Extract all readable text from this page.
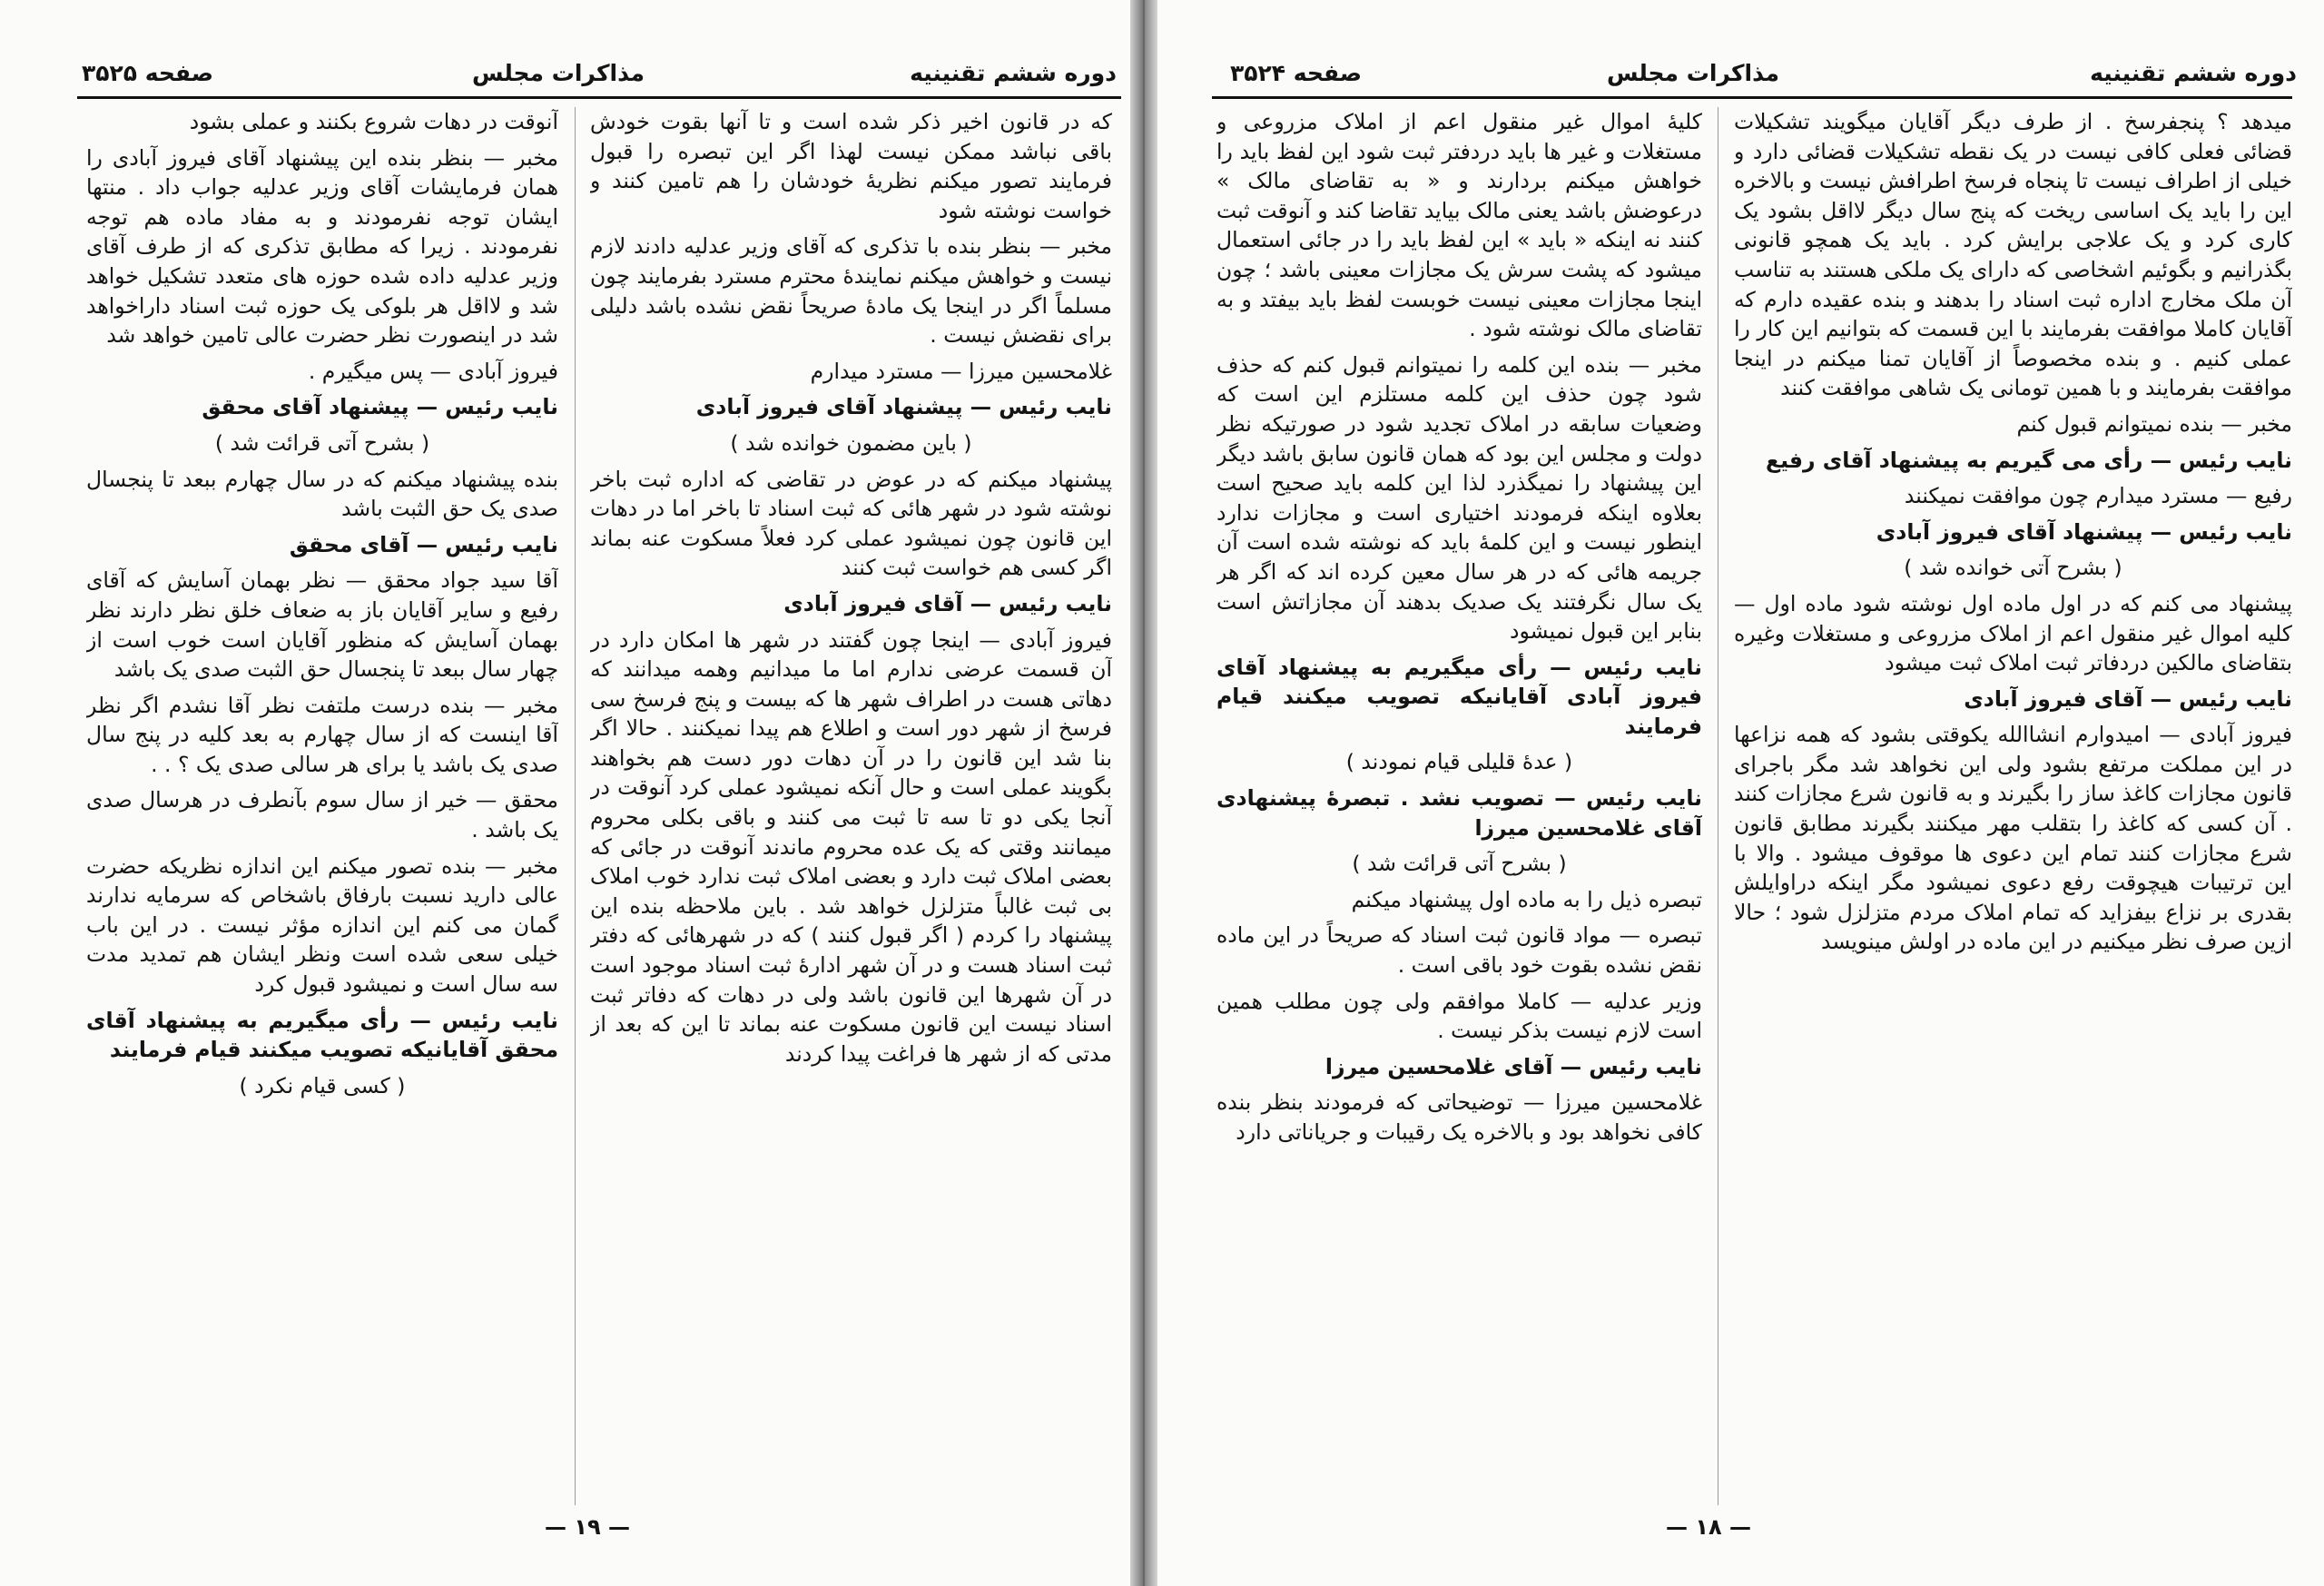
دوره ششم تقنینیه
مذاکرات مجلس
صفحه ۳۵۲۵

که در قانون اخیر ذکر شده است و تا آنها بقوت خودش باقی نباشد ممکن نیست لهذا اگر این تبصره را قبول فرمایند تصور میکنم نظریهٔ خودشان را هم تامین کنند و خواست نوشته شود

مخبر — بنظر بنده با تذکری که آقای وزیر عدلیه دادند لازم نیست و خواهش میکنم نمایندهٔ محترم مسترد بفرمایند چون مسلماً اگر در اینجا یک مادهٔ صریحاً نقض نشده باشد دلیلی برای نقضش نیست .

غلامحسین میرزا — مسترد میدارم

نایب رئیس — پیشنهاد آقای فیروز آبادی

( باین مضمون خوانده شد )

پیشنهاد میکنم که در عوض در تقاضی که اداره ثبت باخر نوشته شود در شهر هائی که ثبت اسناد تا باخر اما در دهات این قانون چون نمیشود عملی کرد فعلاً مسکوت عنه بماند اگر کسی هم خواست ثبت کنند

نایب رئیس — آقای فیروز آبادی

فیروز آبادی — اینجا چون گفتند در شهر ها امکان دارد در آن قسمت عرضی ندارم اما ما میدانیم وهمه میدانند که دهاتی هست در اطراف شهر ها که بیست و پنج فرسخ سی فرسخ از شهر دور است و اطلاع هم پیدا نمیکنند . حالا اگر بنا شد این قانون را در آن دهات دور دست هم بخواهند بگویند عملی است و حال آنکه نمیشود عملی کرد آنوقت در آنجا یکی دو تا سه تا ثبت می کنند و باقی بکلی محروم میمانند وقتی که یک عده محروم ماندند آنوقت در جائی که بعضی املاک ثبت دارد و بعضی املاک ثبت ندارد خوب املاک بی ثبت غالباً متزلزل خواهد شد . باین ملاحظه بنده این پیشنهاد را کردم ( اگر قبول کنند ) که در شهرهائی که دفتر ثبت اسناد هست و در آن شهر ادارهٔ ثبت اسناد موجود است در آن شهرها این قانون باشد ولی در دهات که دفاتر ثبت اسناد نیست این قانون مسکوت عنه بماند تا این که بعد از مدتی که از شهر ها فراغت پیدا کردند

آنوقت در دهات شروع بکنند و عملی بشود

مخبر — بنظر بنده این پیشنهاد آقای فیروز آبادی را همان فرمایشات آقای وزیر عدلیه جواب داد . منتها ایشان توجه نفرمودند و به مفاد ماده هم توجه نفرمودند . زیرا که مطابق تذکری که از طرف آقای وزیر عدلیه داده شده حوزه های متعدد تشکیل خواهد شد و لااقل هر بلوکی یک حوزه ثبت اسناد داراخواهد شد در اینصورت نظر حضرت عالی تامین خواهد شد

فیروز آبادی — پس میگیرم .

نایب رئیس — پیشنهاد آقای محقق

( بشرح آتی قرائت شد )

بنده پیشنهاد میکنم که در سال چهارم ببعد تا پنجسال صدی یک حق الثبت باشد

نایب رئیس — آقای محقق

آقا سید جواد محقق — نظر بهمان آسایش که آقای رفیع و سایر آقایان باز به ضعاف خلق نظر دارند نظر بهمان آسایش که منظور آقایان است خوب است از چهار سال ببعد تا پنجسال حق الثبت صدی یک باشد

مخبر — بنده درست ملتفت نظر آقا نشدم اگر نظر آقا اینست که از سال چهارم به بعد کلیه در پنج سال صدی یک باشد یا برای هر سالی صدی یک ؟ . .

محقق — خیر از سال سوم بآنطرف در هرسال صدی یک باشد .

مخبر — بنده تصور میکنم این اندازه نظریکه حضرت عالی دارید نسبت بارفاق باشخاص که سرمایه ندارند گمان می کنم این اندازه مؤثر نیست . در این باب خیلی سعی شده است ونظر ایشان هم تمدید مدت سه سال است و نمیشود قبول کرد

نایب رئیس — رأی میگیریم به پیشنهاد آقای محقق آقایانیکه تصویب میکنند قیام فرمایند

( کسی قیام نکرد )

— ۱۹ —
دوره ششم تقنینیه
مذاکرات مجلس
صفحه ۳۵۲۴

میدهد ؟ پنجفرسخ . از طرف دیگر آقایان میگویند تشکیلات قضائی فعلی کافی نیست در یک نقطه تشکیلات قضائی دارد و خیلی از اطراف نیست تا پنجاه فرسخ اطرافش نیست و بالاخره این را باید یک اساسی ریخت که پنج سال دیگر لااقل بشود یک کاری کرد و یک علاجی برایش کرد . باید یک همچو قانونی بگذرانیم و بگوئیم اشخاصی که دارای یک ملکی هستند به تناسب آن ملک مخارج اداره ثبت اسناد را بدهند و بنده عقیده دارم که آقایان کاملا موافقت بفرمایند با این قسمت که بتوانیم این کار را عملی کنیم . و بنده مخصوصاً از آقایان تمنا میکنم در اینجا موافقت بفرمایند و با همین تومانی یک شاهی موافقت کنند

مخبر — بنده نمیتوانم قبول کنم

نایب رئیس — رأی می گیریم به پیشنهاد آقای رفیع

رفیع — مسترد میدارم چون موافقت نمیکنند

نایب رئیس — پیشنهاد آقای فیروز آبادی

( بشرح آتی خوانده شد )

پیشنهاد می کنم که در اول ماده اول نوشته شود ماده اول — کلیه اموال غیر منقول اعم از املاک مزروعی و مستغلات وغیره بتقاضای مالکین دردفاتر ثبت املاک ثبت میشود

نایب رئیس — آقای فیروز آبادی

فیروز آبادی — امیدوارم انشاالله یکوقتی بشود که همه نزاعها در این مملکت مرتفع بشود ولی این نخواهد شد مگر باجرای قانون مجازات کاغذ ساز را بگیرند و به قانون شرع مجازات کنند . آن کسی که کاغذ را بتقلب مهر میکنند بگیرند مطابق قانون شرع مجازات کنند تمام این دعوی ها موقوف میشود . والا با این ترتیبات هیچوقت رفع دعوی نمیشود مگر اینکه دراوایلش بقدری بر نزاع بیفزاید که تمام املاک مردم متزلزل شود ؛ حالا ازین صرف نظر میکنیم در این ماده در اولش مینویسد

کلیهٔ اموال غیر منقول اعم از املاک مزروعی و مستغلات و غیر ها باید دردفتر ثبت شود این لفظ باید را خواهش میکنم بردارند و « به تقاضای مالک » درعوضش باشد یعنی مالک بیاید تقاضا کند و آنوقت ثبت کنند نه اینکه « باید » این لفظ باید را در جائی استعمال میشود که پشت سرش یک مجازات معینی باشد ؛ چون اینجا مجازات معینی نیست خوبست لفظ باید بیفتد و به تقاضای مالک نوشته شود .

مخبر — بنده این کلمه را نمیتوانم قبول کنم که حذف شود چون حذف این کلمه مستلزم این است که وضعیات سابقه در املاک تجدید شود در صورتیکه نظر دولت و مجلس این بود که همان قانون سابق باشد دیگر این پیشنهاد را نمیگذرد لذا این کلمه باید صحیح است بعلاوه اینکه فرمودند اختیاری است و مجازات ندارد اینطور نیست و این کلمهٔ باید که نوشته شده است آن جریمه هائی که در هر سال معین کرده اند که اگر هر یک سال نگرفتند یک صدیک بدهند آن مجازاتش است بنابر این قبول نمیشود

نایب رئیس — رأی میگیریم به پیشنهاد آقای فیروز آبادی آقایانیکه تصویب میکنند قیام فرمایند

( عدهٔ قلیلی قیام نمودند )

نایب رئیس — تصویب نشد . تبصرهٔ پیشنهادی آقای غلامحسین میرزا

( بشرح آتی قرائت شد )

تبصره ذیل را به ماده اول پیشنهاد میکنم

تبصره — مواد قانون ثبت اسناد که صریحاً در این ماده نقض نشده بقوت خود باقی است .

وزیر عدلیه — کاملا موافقم ولی چون مطلب همین است لازم نیست بذکر نیست .

نایب رئیس — آقای غلامحسین میرزا

غلامحسین میرزا — توضیحاتی که فرمودند بنظر بنده کافی نخواهد بود و بالاخره یک رقیبات و جریاناتی دارد

— ۱۸ —
